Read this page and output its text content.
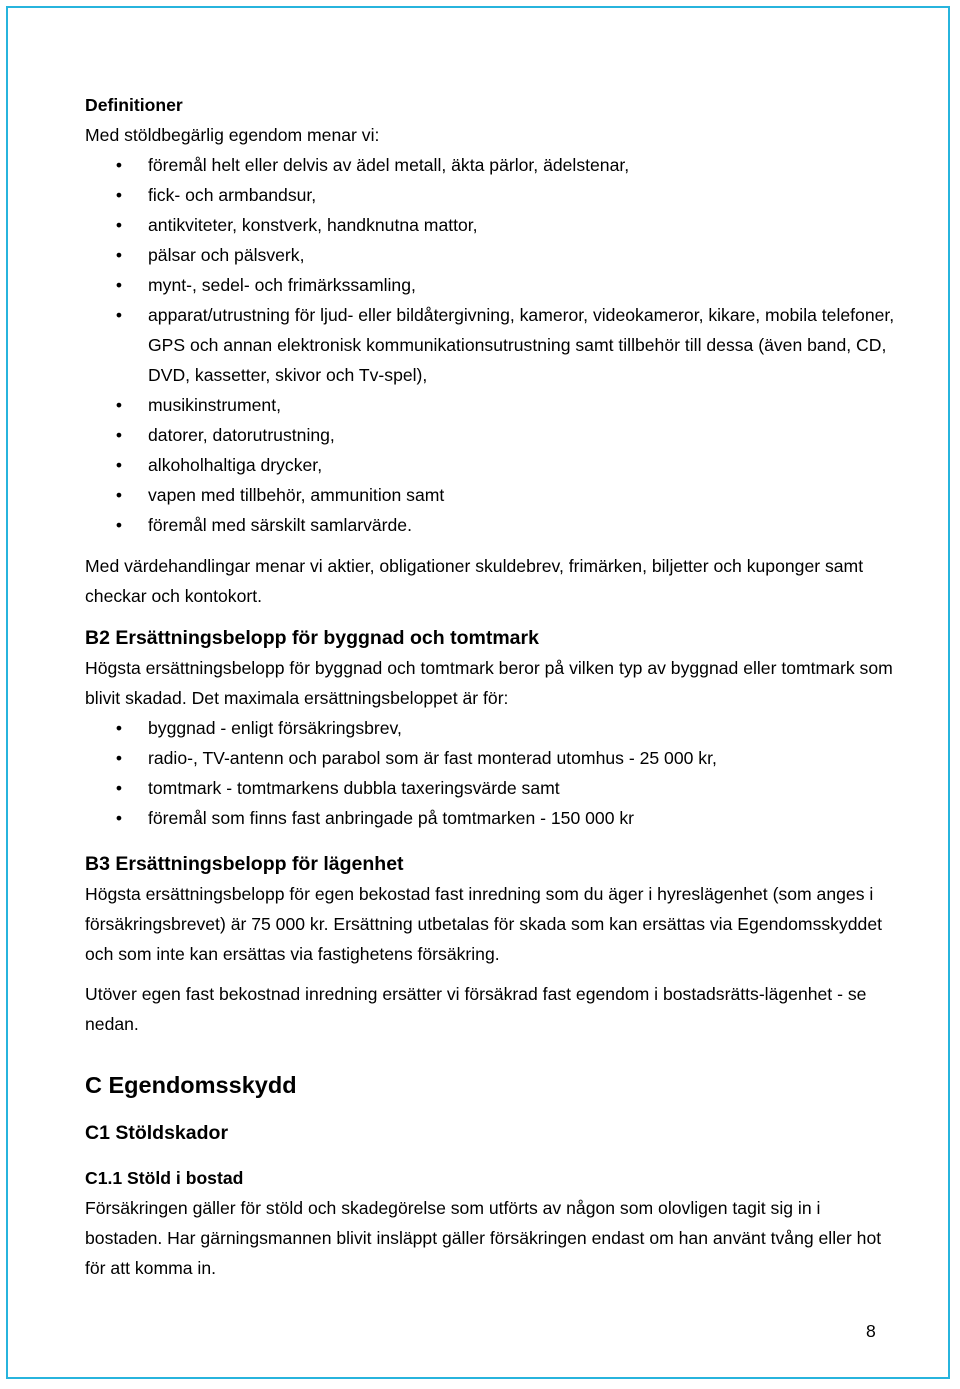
Definitioner

Med stöldbegärlig egendom menar vi:

• föremål helt eller delvis av ädel metall, äkta pärlor, ädelstenar,
• fick- och armbandsur,
• antikviteter, konstverk, handknutna mattor,
• pälsar och pälsverk,
• mynt-, sedel- och frimärkssamling,
• apparat/utrustning för ljud- eller bildåtergivning, kameror, videokameror, kikare, mobila telefoner, GPS och annan elektronisk kommunikationsutrustning samt tillbehör till dessa (även band, CD, DVD, kassetter, skivor och Tv-spel),
• musikinstrument,
• datorer, datorutrustning,
• alkoholhaltiga drycker,
• vapen med tillbehör, ammunition samt
• föremål med särskilt samlarvärde.

Med värdehandlingar menar vi aktier, obligationer skuldebrev, frimärken, biljetter och kuponger samt checkar och kontokort.

B2 Ersättningsbelopp för byggnad och tomtmark

Högsta ersättningsbelopp för byggnad och tomtmark beror på vilken typ av byggnad eller tomtmark som blivit skadad. Det maximala ersättningsbeloppet är för:

• byggnad - enligt försäkringsbrev,
• radio-, TV-antenn och parabol som är fast monterad utomhus - 25 000 kr,
• tomtmark - tomtmarkens dubbla taxeringsvärde samt
• föremål som finns fast anbringade på tomtmarken - 150 000 kr

B3 Ersättningsbelopp för lägenhet

Högsta ersättningsbelopp för egen bekostad fast inredning som du äger i hyreslägenhet (som anges i försäkringsbrevet) är 75 000 kr. Ersättning utbetalas för skada som kan ersättas via Egendomsskyddet och som inte kan ersättas via fastighetens försäkring.

Utöver egen fast bekostnad inredning ersätter vi försäkrad fast egendom i bostadsrätts-lägenhet - se nedan.

C Egendomsskydd

C1 Stöldskador

C1.1 Stöld i bostad

Försäkringen gäller för stöld och skadegörelse som utförts av någon som olovligen tagit sig in i bostaden. Har gärningsmannen blivit insläppt gäller försäkringen endast om han använt tvång eller hot för att komma in.

8
